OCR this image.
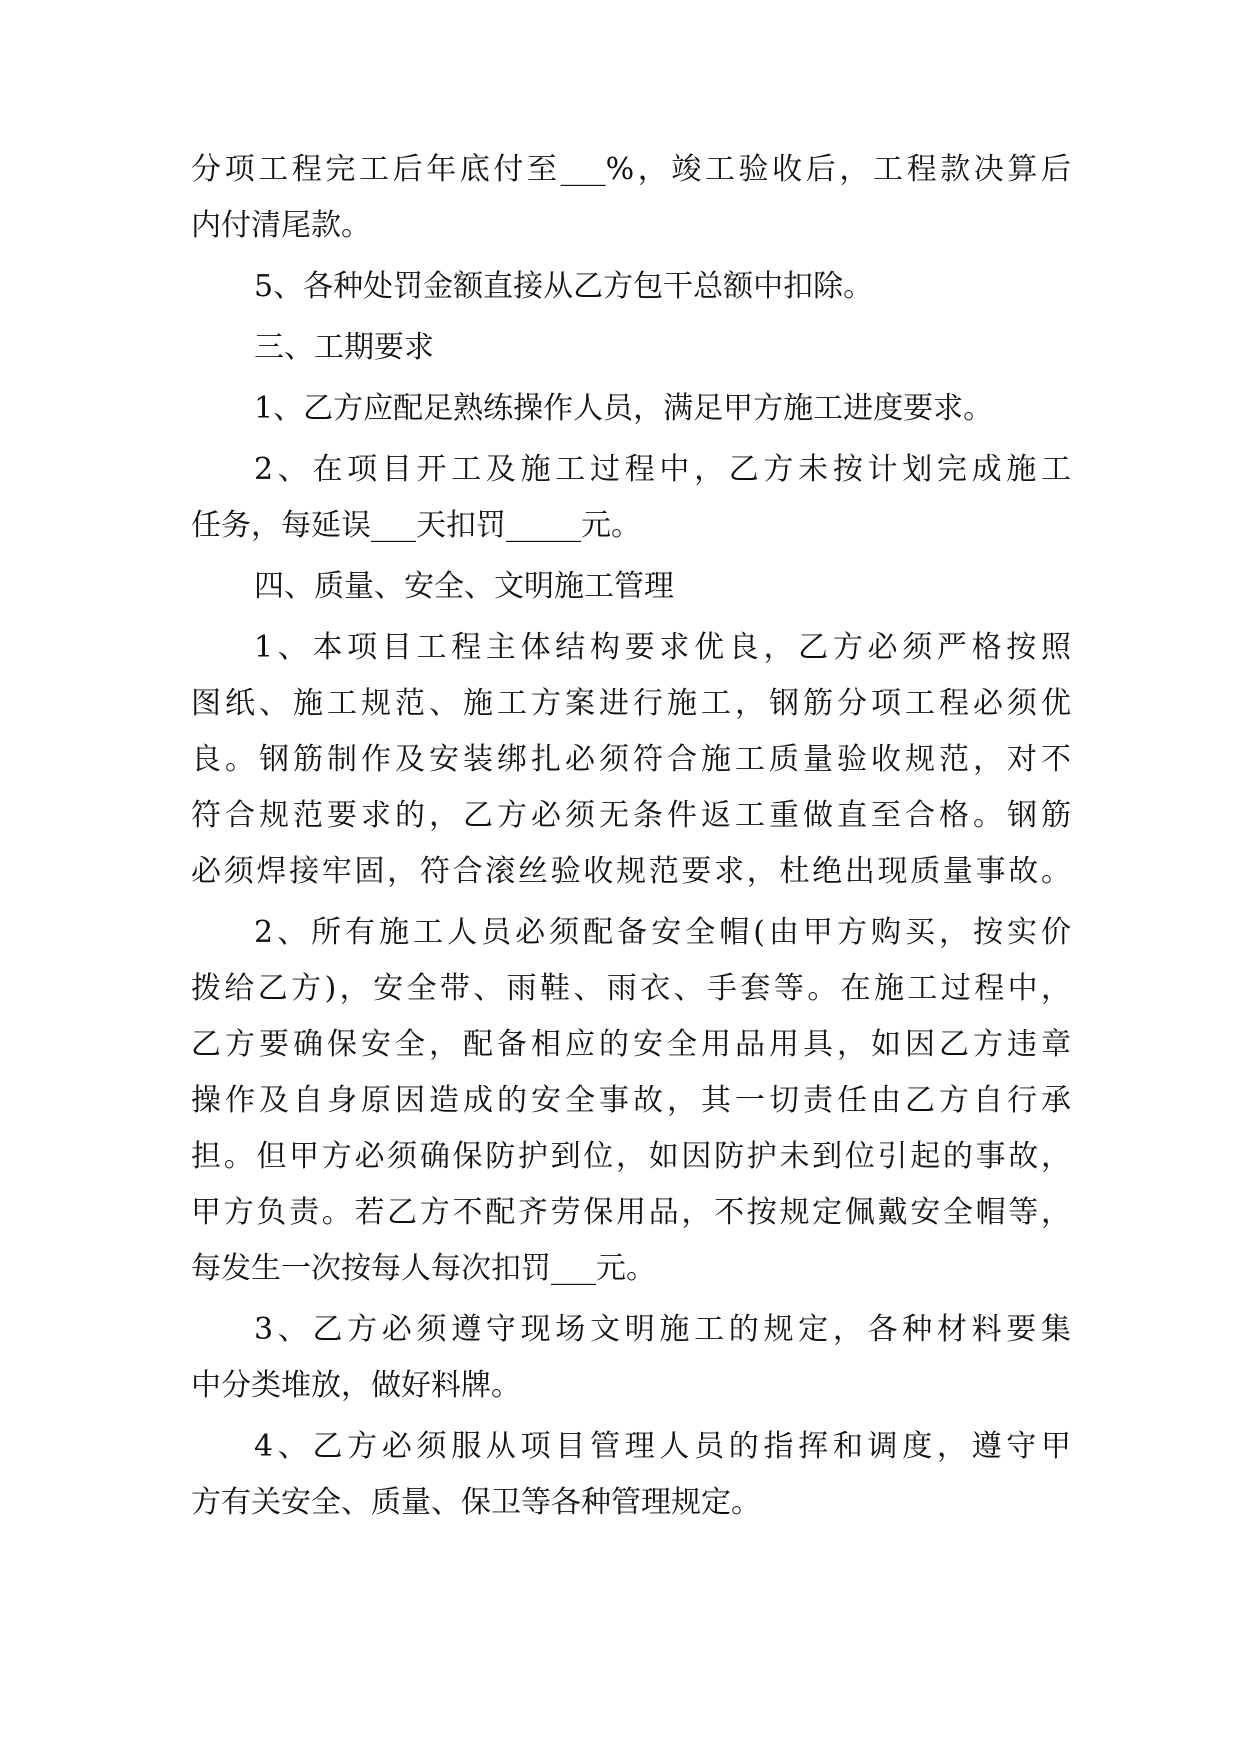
分项工程完工后年底付至___%，竣工验收后，工程款决算后
内付清尾款。
5、各种处罚金额直接从乙方包干总额中扣除。
三、工期要求
1、乙方应配足熟练操作人员，满足甲方施工进度要求。
2、在项目开工及施工过程中，乙方未按计划完成施工
任务，每延误___天扣罚_____元。
四、质量、安全、文明施工管理
1、本项目工程主体结构要求优良，乙方必须严格按照
图纸、施工规范、施工方案进行施工，钢筋分项工程必须优
良。钢筋制作及安装绑扎必须符合施工质量验收规范，对不
符合规范要求的，乙方必须无条件返工重做直至合格。钢筋
必须焊接牢固，符合滚丝验收规范要求，杜绝出现质量事故。
2、所有施工人员必须配备安全帽(由甲方购买，按实价
拨给乙方)，安全带、雨鞋、雨衣、手套等。在施工过程中，
乙方要确保安全，配备相应的安全用品用具，如因乙方违章
操作及自身原因造成的安全事故，其一切责任由乙方自行承
担。但甲方必须确保防护到位，如因防护未到位引起的事故，
甲方负责。若乙方不配齐劳保用品，不按规定佩戴安全帽等，
每发生一次按每人每次扣罚___元。
3、乙方必须遵守现场文明施工的规定，各种材料要集
中分类堆放，做好料牌。
4、乙方必须服从项目管理人员的指挥和调度，遵守甲
方有关安全、质量、保卫等各种管理规定。
